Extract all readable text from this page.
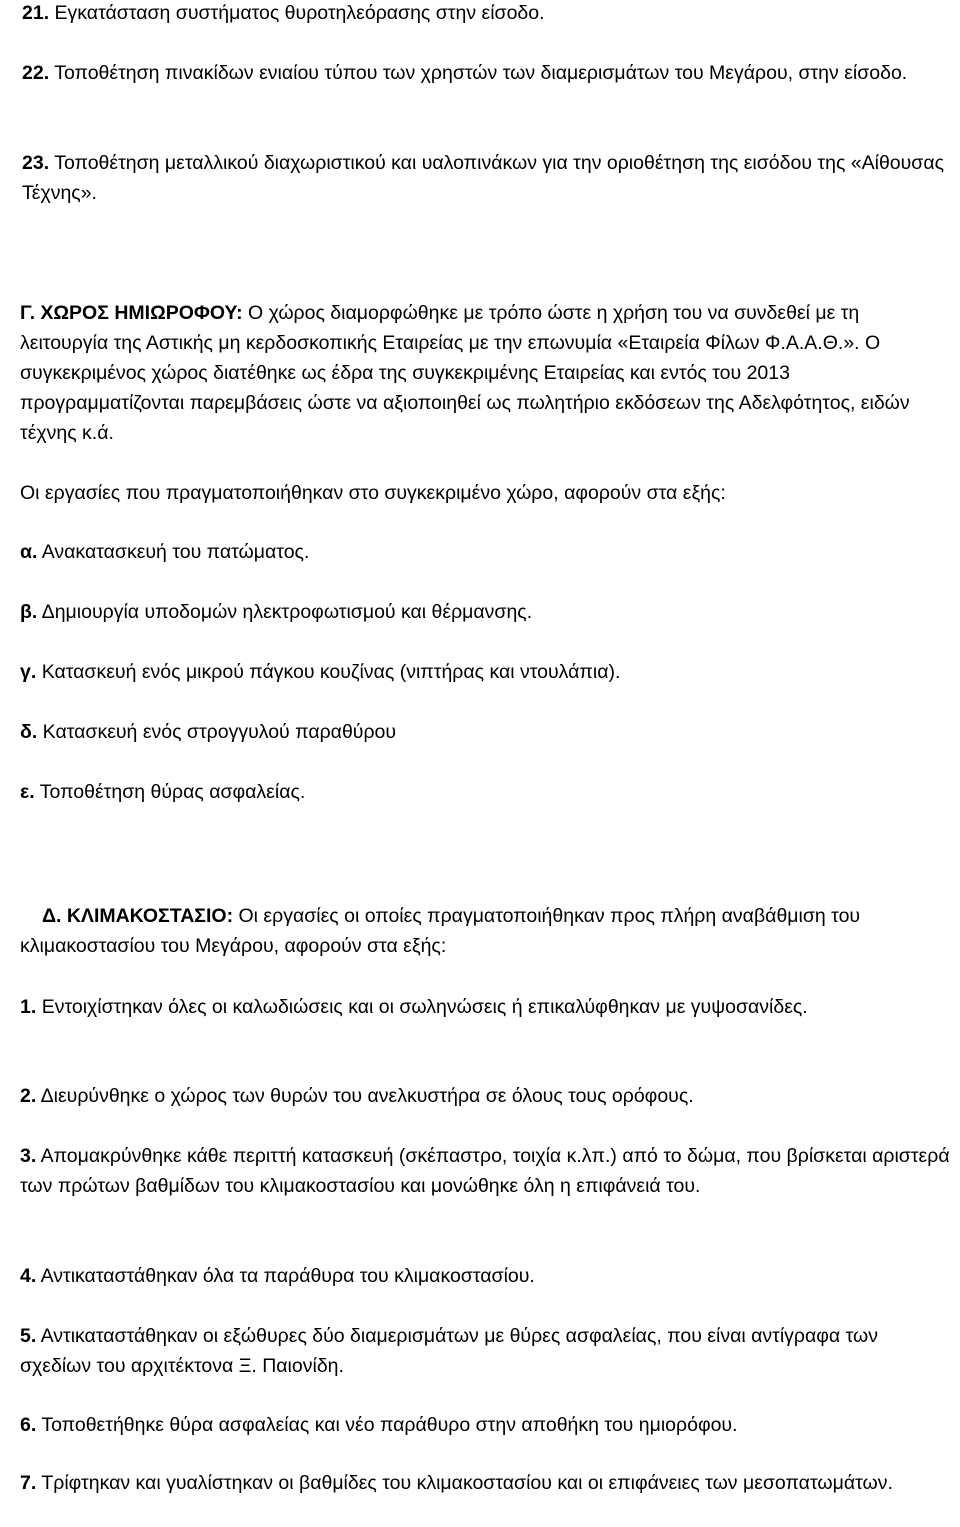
21. Εγκατάσταση συστήματος θυροτηλεόρασης στην είσοδο.
22. Τοποθέτηση πινακίδων ενιαίου τύπου των χρηστών των διαμερισμάτων του Μεγάρου, στην είσοδο.
23. Τοποθέτηση μεταλλικού διαχωριστικού και υαλοπινάκων για την οριοθέτηση της εισόδου της «Αίθουσας Τέχνης».
Γ. ΧΩΡΟΣ ΗΜΙΩΡΟΦΟΥ: Ο χώρος διαμορφώθηκε με τρόπο ώστε η χρήση του να συνδεθεί με τη λειτουργία της Αστικής μη κερδοσκοπικής Εταιρείας με την επωνυμία «Εταιρεία Φίλων Φ.Α.Α.Θ.». Ο συγκεκριμένος χώρος διατέθηκε ως έδρα της συγκεκριμένης Εταιρείας και εντός του 2013 προγραμματίζονται παρεμβάσεις ώστε να αξιοποιηθεί ως πωλητήριο εκδόσεων της Αδελφότητος, ειδών τέχνης κ.ά.
Οι εργασίες που πραγματοποιήθηκαν στο συγκεκριμένο χώρο, αφορούν στα εξής:
α. Ανακατασκευή του πατώματος.
β. Δημιουργία υποδομών ηλεκτροφωτισμού και θέρμανσης.
γ. Κατασκευή ενός μικρού πάγκου κουζίνας (νιπτήρας και ντουλάπια).
δ. Κατασκευή ενός στρογγυλού παραθύρου
ε. Τοποθέτηση θύρας ασφαλείας.
Δ. ΚΛΙΜΑΚΟΣΤΑΣΙΟ: Οι εργασίες οι οποίες πραγματοποιήθηκαν προς πλήρη αναβάθμιση του κλιμακοστασίου του Μεγάρου, αφορούν στα εξής:
1. Εντοιχίστηκαν όλες οι καλωδιώσεις και οι σωληνώσεις ή επικαλύφθηκαν με γυψοσανίδες.
2. Διευρύνθηκε ο χώρος των θυρών του ανελκυστήρα σε όλους τους ορόφους.
3. Απομακρύνθηκε κάθε περιττή κατασκευή (σκέπαστρο, τοιχία κ.λπ.) από το δώμα, που βρίσκεται αριστερά των πρώτων βαθμίδων του κλιμακοστασίου και μονώθηκε όλη η επιφάνειά του.
4. Αντικαταστάθηκαν όλα τα παράθυρα του κλιμακοστασίου.
5. Αντικαταστάθηκαν οι εξώθυρες δύο διαμερισμάτων με θύρες ασφαλείας, που είναι αντίγραφα των σχεδίων του αρχιτέκτονα Ξ. Παιονίδη.
6. Τοποθετήθηκε θύρα ασφαλείας και νέο παράθυρο στην αποθήκη του ημιορόφου.
7. Τρίφτηκαν και γυαλίστηκαν οι βαθμίδες του κλιμακοστασίου και οι επιφάνειες των μεσοπατωμάτων.
